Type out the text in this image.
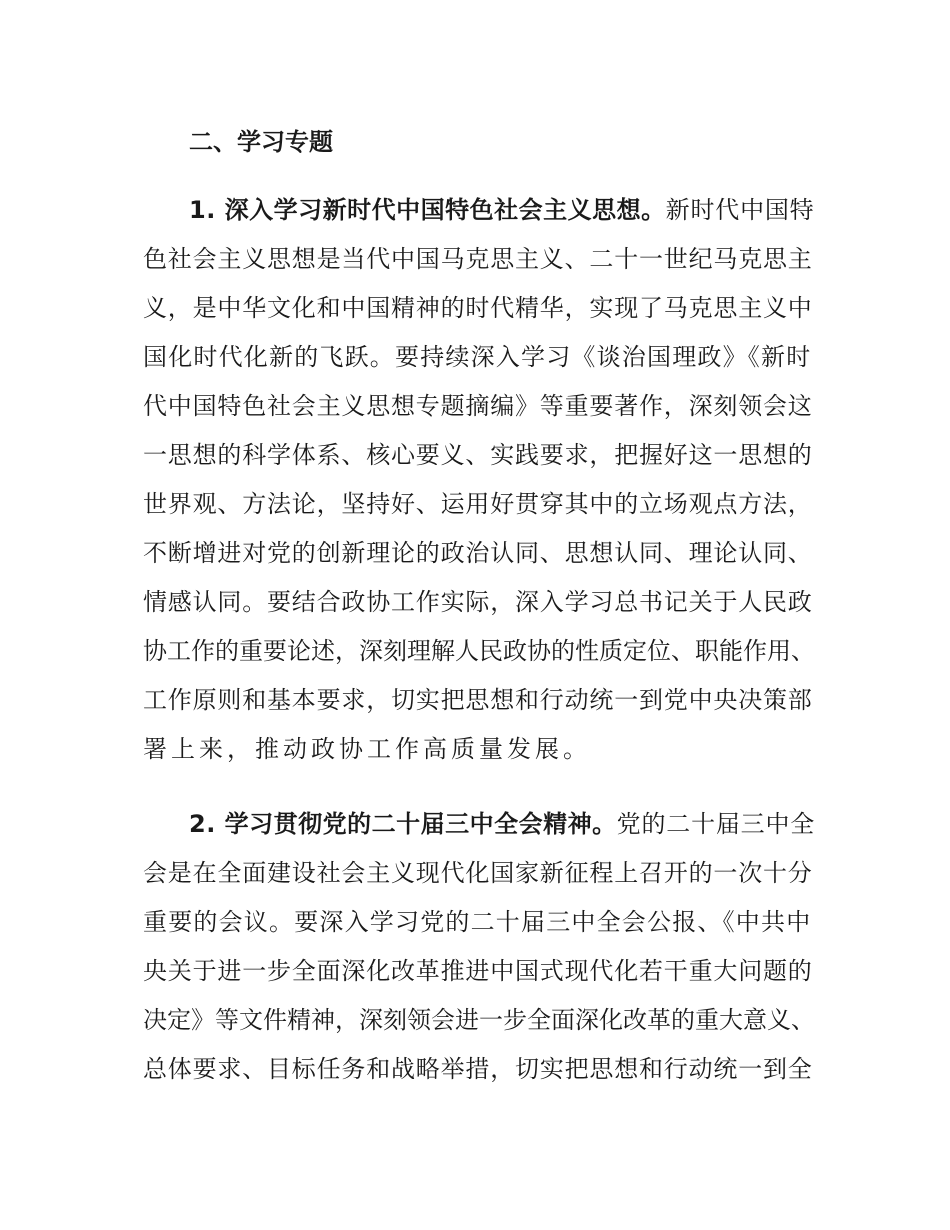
二、学习专题
1. 深入学习新时代中国特色社会主义思想。新时代中国特
色社会主义思想是当代中国马克思主义、二十一世纪马克思主
义，是中华文化和中国精神的时代精华，实现了马克思主义中
国化时代化新的飞跃。要持续深入学习《谈治国理政》《新时
代中国特色社会主义思想专题摘编》等重要著作，深刻领会这
一思想的科学体系、核心要义、实践要求，把握好这一思想的
世界观、方法论，坚持好、运用好贯穿其中的立场观点方法，
不断增进对党的创新理论的政治认同、思想认同、理论认同、
情感认同。要结合政协工作实际，深入学习总书记关于人民政
协工作的重要论述，深刻理解人民政协的性质定位、职能作用、
工作原则和基本要求，切实把思想和行动统一到党中央决策部
署上来，推动政协工作高质量发展。
2. 学习贯彻党的二十届三中全会精神。党的二十届三中全
会是在全面建设社会主义现代化国家新征程上召开的一次十分
重要的会议。要深入学习党的二十届三中全会公报、《中共中
央关于进一步全面深化改革推进中国式现代化若干重大问题的
决定》等文件精神，深刻领会进一步全面深化改革的重大意义、
总体要求、目标任务和战略举措，切实把思想和行动统一到全
